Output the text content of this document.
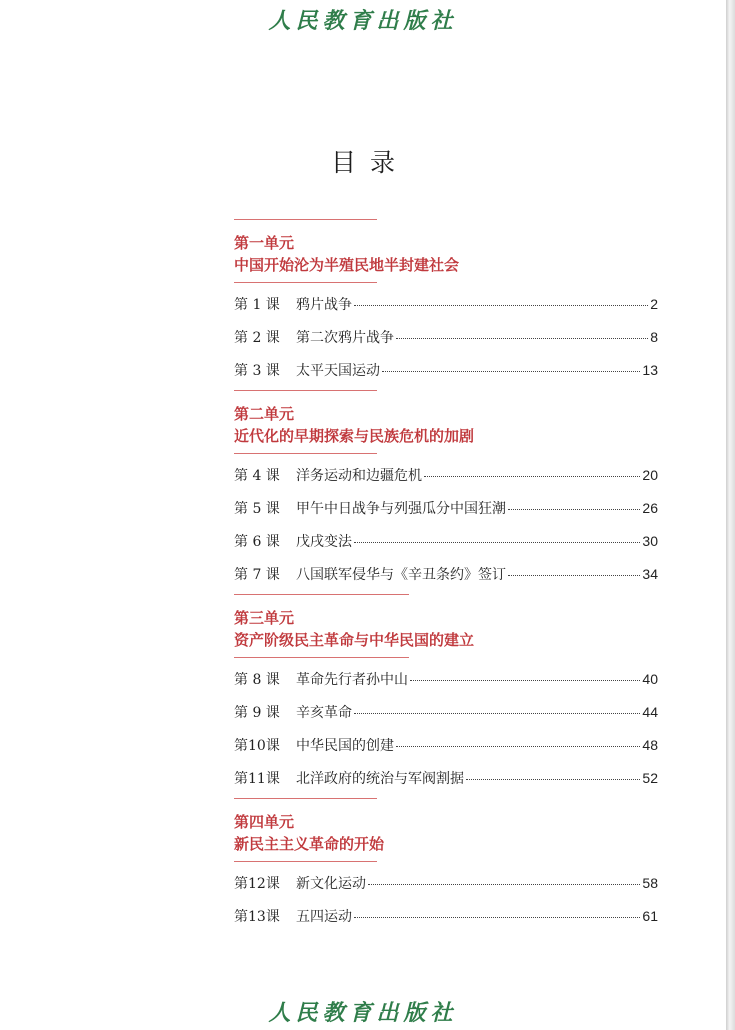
人民教育出版社
目录
第一单元
中国开始沦为半殖民地半封建社会
第 1 课	鸦片战争	2
第 2 课	第二次鸦片战争	8
第 3 课	太平天国运动	13
第二单元
近代化的早期探索与民族危机的加剧
第 4 课	洋务运动和边疆危机	20
第 5 课	甲午中日战争与列强瓜分中国狂潮	26
第 6 课	戊戌变法	30
第 7 课	八国联军侵华与《辛丑条约》签订	34
第三单元
资产阶级民主革命与中华民国的建立
第 8 课	革命先行者孙中山	40
第 9 课	辛亥革命	44
第10课	中华民国的创建	48
第11课	北洋政府的统治与军阀割据	52
第四单元
新民主主义革命的开始
第12课	新文化运动	58
第13课	五四运动	61
人民教育出版社
